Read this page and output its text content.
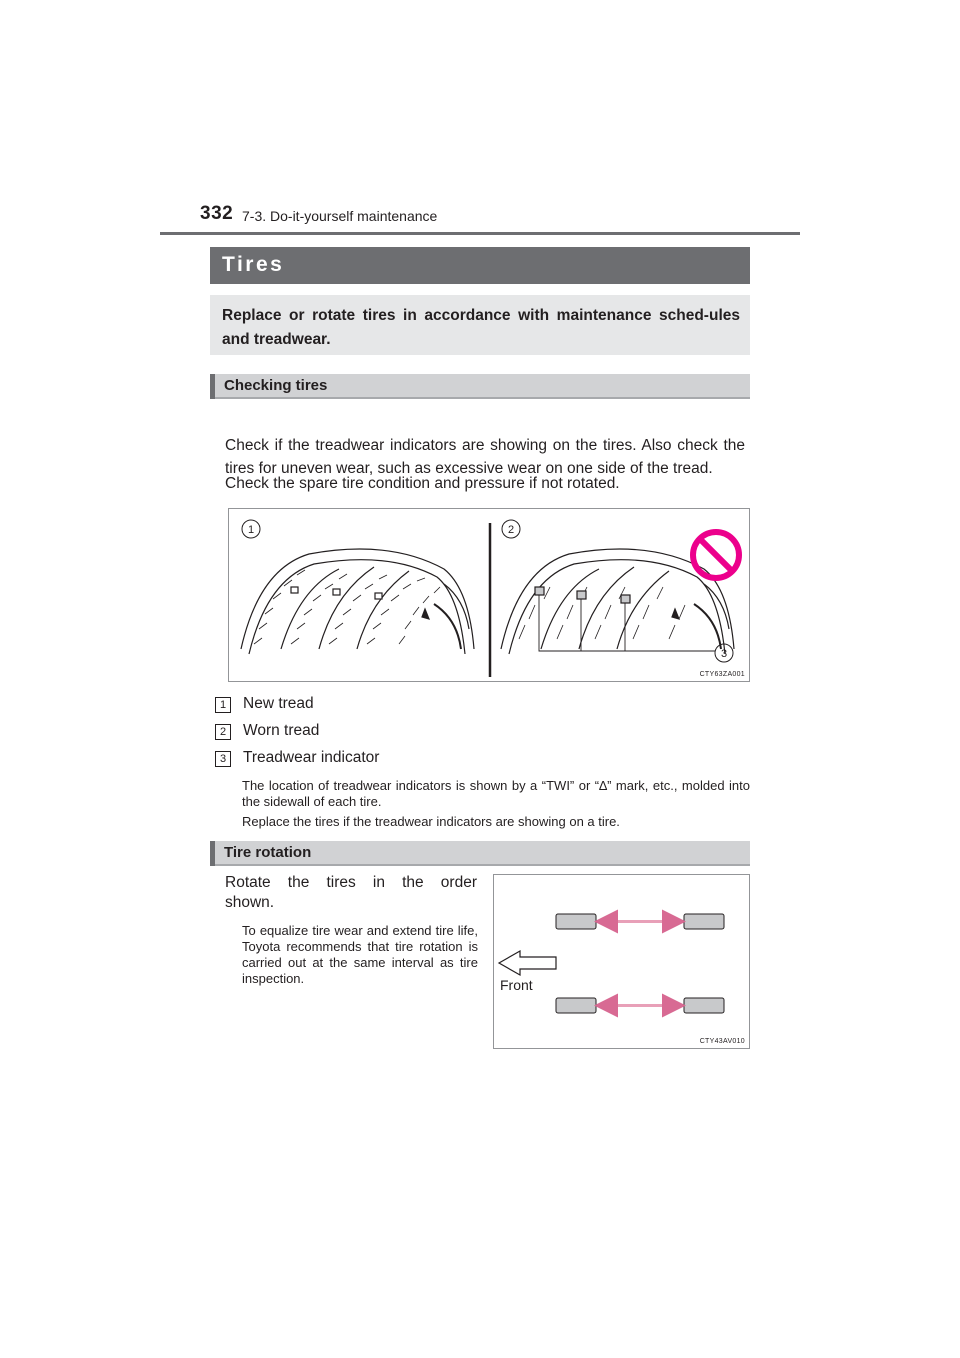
332 7-3. Do-it-yourself maintenance
Tires
Replace or rotate tires in accordance with maintenance sched-ules and treadwear.
Checking tires
Check if the treadwear indicators are showing on the tires. Also check the tires for uneven wear, such as excessive wear on one side of the tread.
Check the spare tire condition and pressure if not rotated.
1	2
3
CTY63ZA001
1	New tread
2	Worn tread
3	Treadwear indicator
The location of treadwear indicators is shown by a “TWI” or “∆” mark, etc., molded into the sidewall of each tire.
Replace the tires if the treadwear indicators are showing on a tire.
Tire rotation
Rotate the tires in the order
shown.
To equalize tire wear and extend tire life, Toyota recommends that tire rotation is carried out at the same interval as tire inspection.
CTY43AV010
Front
